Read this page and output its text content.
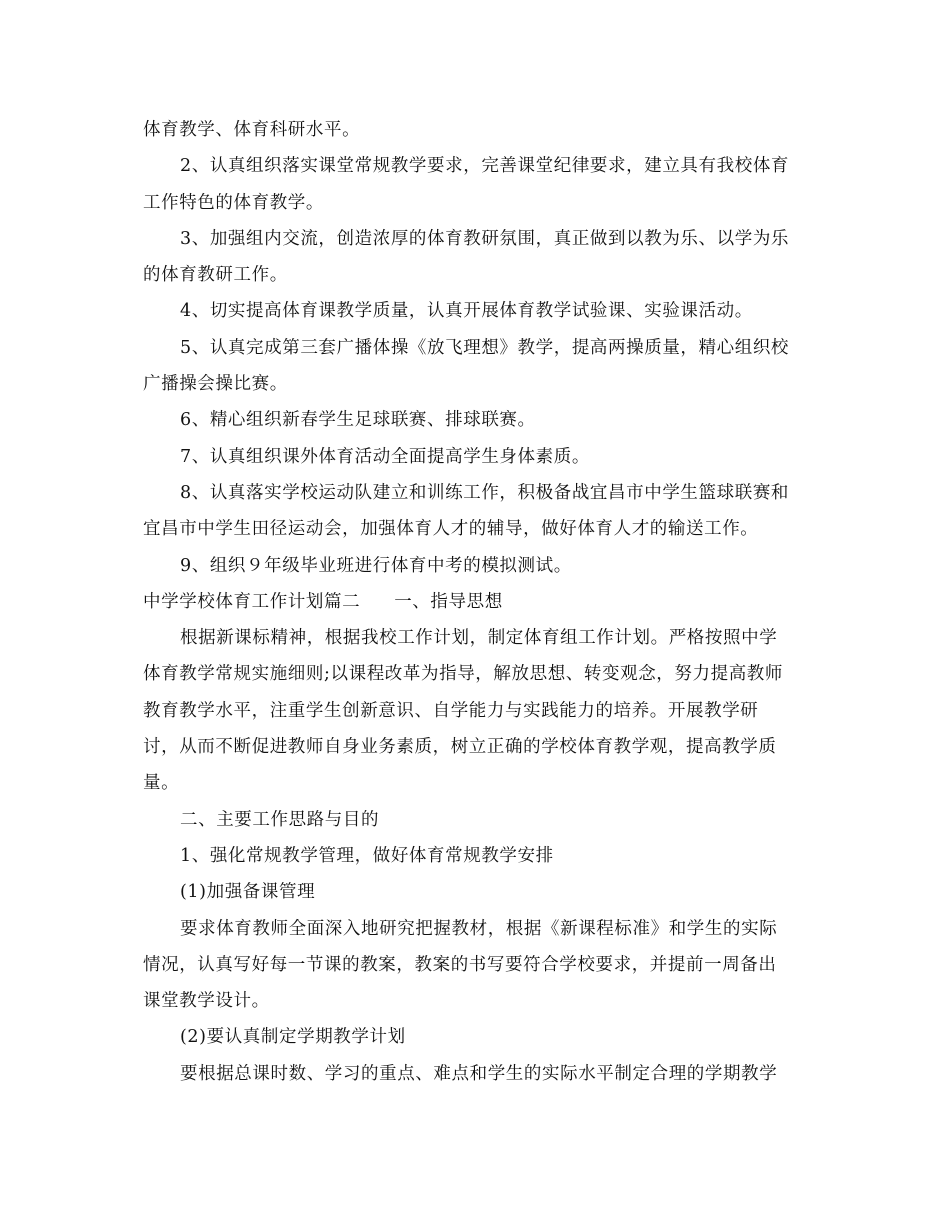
体育教学、体育科研水平。
2、认真组织落实课堂常规教学要求，完善课堂纪律要求，建立具有我校体育
工作特色的体育教学。
3、加强组内交流，创造浓厚的体育教研氛围，真正做到以教为乐、以学为乐
的体育教研工作。
4、切实提高体育课教学质量，认真开展体育教学试验课、实验课活动。
5、认真完成第三套广播体操《放飞理想》教学，提高两操质量，精心组织校
广播操会操比赛。
6、精心组织新春学生足球联赛、排球联赛。
7、认真组织课外体育活动全面提高学生身体素质。
8、认真落实学校运动队建立和训练工作，积极备战宜昌市中学生篮球联赛和
宜昌市中学生田径运动会，加强体育人才的辅导，做好体育人才的输送工作。
9、组织９年级毕业班进行体育中考的模拟测试。
中学学校体育工作计划篇二 一、指导思想
根据新课标精神，根据我校工作计划，制定体育组工作计划。严格按照中学
体育教学常规实施细则;以课程改革为指导，解放思想、转变观念，努力提高教师
教育教学水平，注重学生创新意识、自学能力与实践能力的培养。开展教学研
讨，从而不断促进教师自身业务素质，树立正确的学校体育教学观，提高教学质
量。
二、主要工作思路与目的
1、强化常规教学管理，做好体育常规教学安排
(1)加强备课管理
要求体育教师全面深入地研究把握教材，根据《新课程标准》和学生的实际
情况，认真写好每一节课的教案，教案的书写要符合学校要求，并提前一周备出
课堂教学设计。
(2)要认真制定学期教学计划
要根据总课时数、学习的重点、难点和学生的实际水平制定合理的学期教学
